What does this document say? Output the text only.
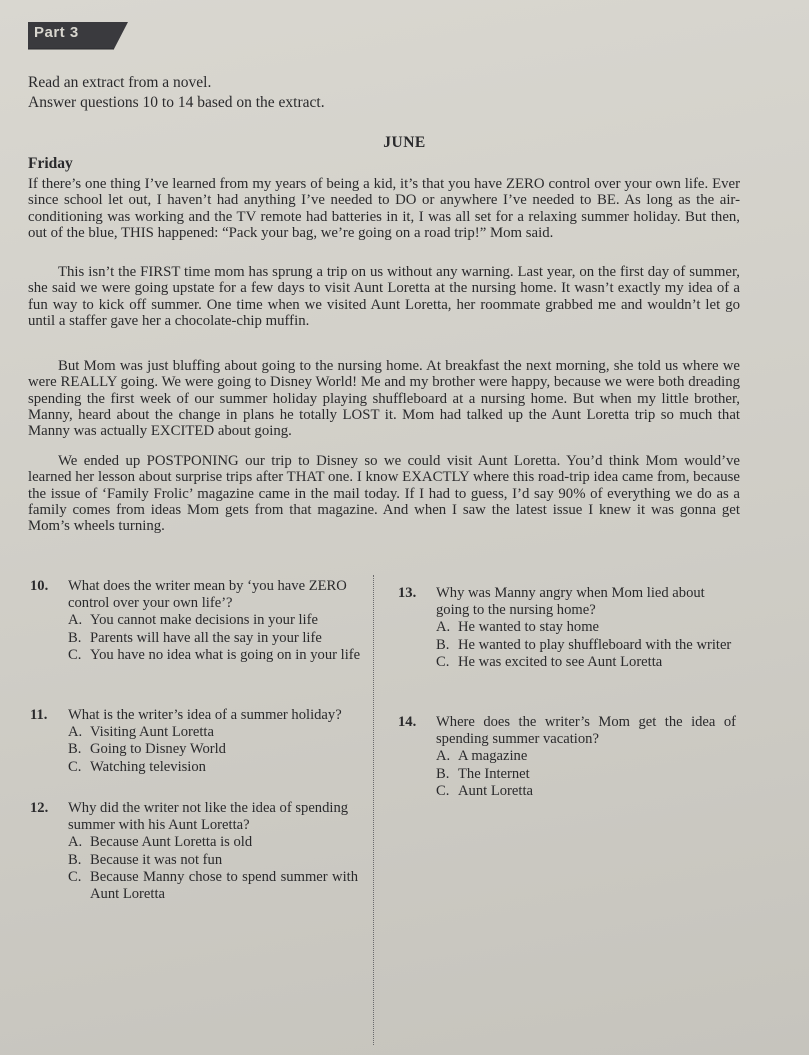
Part 3
Read an extract from a novel.
Answer questions 10 to 14 based on the extract.
JUNE
Friday

If there’s one thing I’ve learned from my years of being a kid, it’s that you have ZERO control over your own life. Ever since school let out, I haven’t had anything I’ve needed to DO or anywhere I’ve needed to BE. As long as the air-conditioning was working and the TV remote had batteries in it, I was all set for a relaxing summer holiday. But then, out of the blue, THIS happened: “Pack your bag, we’re going on a road trip!” Mom said.

This isn’t the FIRST time mom has sprung a trip on us without any warning. Last year, on the first day of summer, she said we were going upstate for a few days to visit Aunt Loretta at the nursing home. It wasn’t exactly my idea of a fun way to kick off summer. One time when we visited Aunt Loretta, her roommate grabbed me and wouldn’t let go until a staffer gave her a chocolate-chip muffin.

But Mom was just bluffing about going to the nursing home. At breakfast the next morning, she told us where we were REALLY going. We were going to Disney World! Me and my brother were happy, because we were both dreading spending the first week of our summer holiday playing shuffleboard at a nursing home. But when my little brother, Manny, heard about the change in plans he totally LOST it. Mom had talked up the Aunt Loretta trip so much that Manny was actually EXCITED about going.

We ended up POSTPONING our trip to Disney so we could visit Aunt Loretta. You’d think Mom would’ve learned her lesson about surprise trips after THAT one. I know EXACTLY where this road-trip idea came from, because the issue of ‘Family Frolic’ magazine came in the mail today. If I had to guess, I’d say 90% of everything we do as a family comes from ideas Mom gets from that magazine. And when I saw the latest issue I knew it was gonna get Mom’s wheels turning.

10. What does the writer mean by ‘you have ZERO control over your own life’?
A. You cannot make decisions in your life
B. Parents will have all the say in your life
C. You have no idea what is going on in your life
11. What is the writer’s idea of a summer holiday?
A. Visiting Aunt Loretta
B. Going to Disney World
C. Watching television
12. Why did the writer not like the idea of spending summer with his Aunt Loretta?
A. Because Aunt Loretta is old
B. Because it was not fun
C. Because Manny chose to spend summer with Aunt Loretta
13. Why was Manny angry when Mom lied about going to the nursing home?
A. He wanted to stay home
B. He wanted to play shuffleboard with the writer
C. He was excited to see Aunt Loretta
14. Where does the writer’s Mom get the idea of spending summer vacation?
A. A magazine
B. The Internet
C. Aunt Loretta
